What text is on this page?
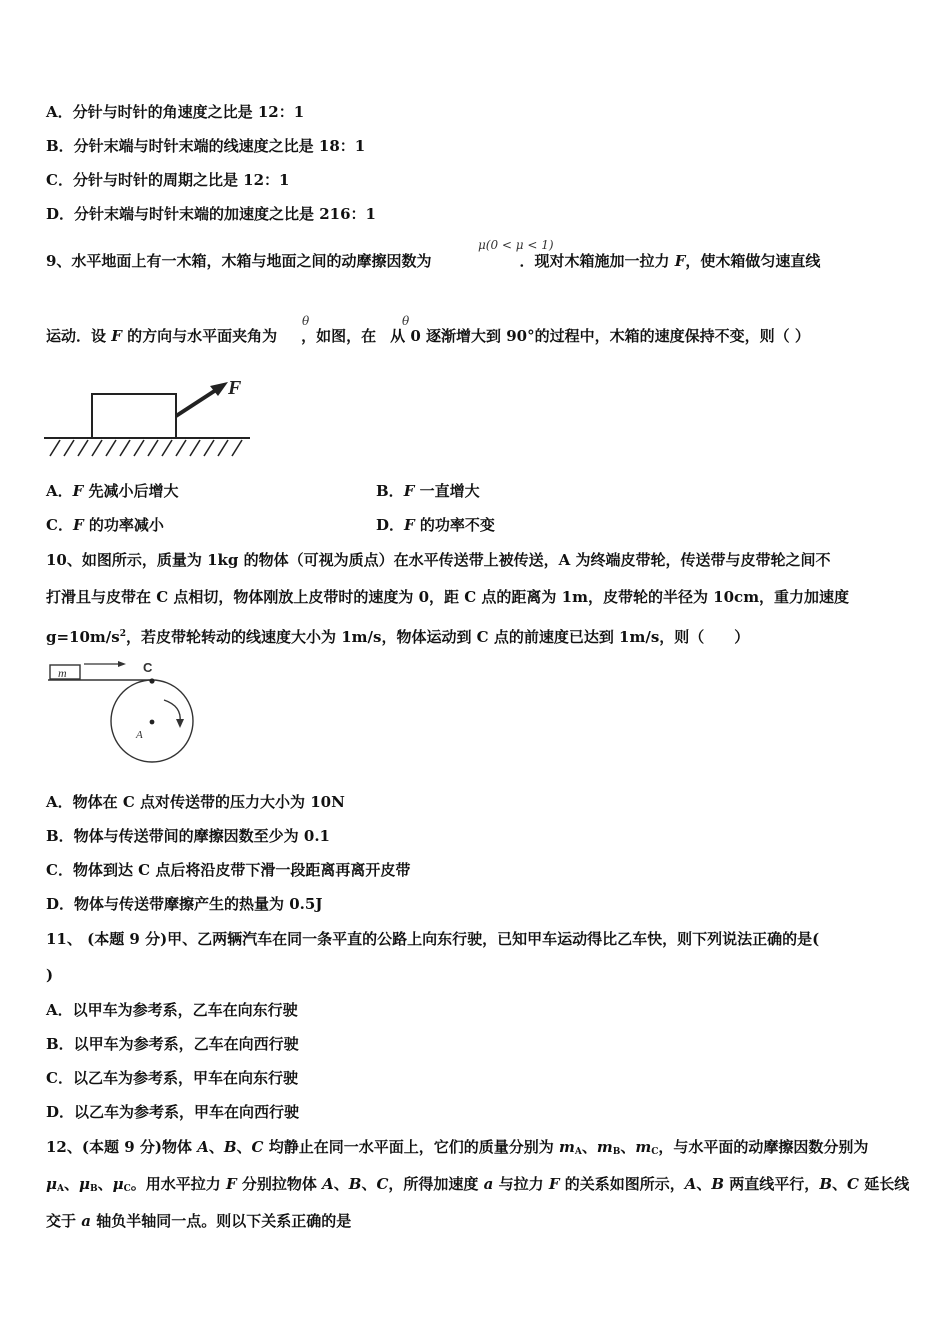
A．分针与时针的角速度之比是 12：1
B．分针末端与时针末端的线速度之比是 18：1
C．分针与时针的周期之比是 12：1
D．分针末端与时针末端的加速度之比是 216：1
9、水平地面上有一木箱，木箱与地面之间的动摩擦因数为	．现对木箱施加一拉力 F，使木箱做匀速直线
μ(0 < μ < 1)
运动．设 F 的方向与水平面夹角为 ，如图，在 从 0 逐渐增大到 90°的过程中，木箱的速度保持不变，则（ ）
θ	θ
F
A．F 先减小后增大	B．F 一直增大
C．F 的功率减小	D．F 的功率不变
10、如图所示，质量为 1kg 的物体（可视为质点）在水平传送带上被传送，A 为终端皮带轮，传送带与皮带轮之间不
打滑且与皮带在 C 点相切，物体刚放上皮带时的速度为 0，距 C 点的距离为 1m，皮带轮的半径为 10cm，重力加速度
$g=10m/s^2$，若皮带轮转动的线速度大小为 1m/s，物体运动到 C 点的前速度已达到 1m/s，则（　　）
m	C
A
A．物体在 C 点对传送带的压力大小为 10N
B．物体与传送带间的摩擦因数至少为 0.1
C．物体到达 C 点后将沿皮带下滑一段距离再离开皮带
D．物体与传送带摩擦产生的热量为 0.5J
11、 (本题 9 分)甲、乙两辆汽车在同一条平直的公路上向东行驶，已知甲车运动得比乙车快，则下列说法正确的是(
)
A．以甲车为参考系，乙车在向东行驶
B．以甲车为参考系，乙车在向西行驶
C．以乙车为参考系，甲车在向东行驶
D．以乙车为参考系，甲车在向西行驶
12、(本题 9 分)物体 A、B、C 均静止在同一水平面上，它们的质量分别为 $m_A$、$m_B$、$m_C$，与水平面的动摩擦因数分别为
$\mu_A$、$\mu_B$、$\mu_C$。用水平拉力 F 分别拉物体 A、B、C，所得加速度 a 与拉力 F 的关系如图所示，A、B 两直线平行，B、C 延长线
交于 a 轴负半轴同一点。则以下关系正确的是
